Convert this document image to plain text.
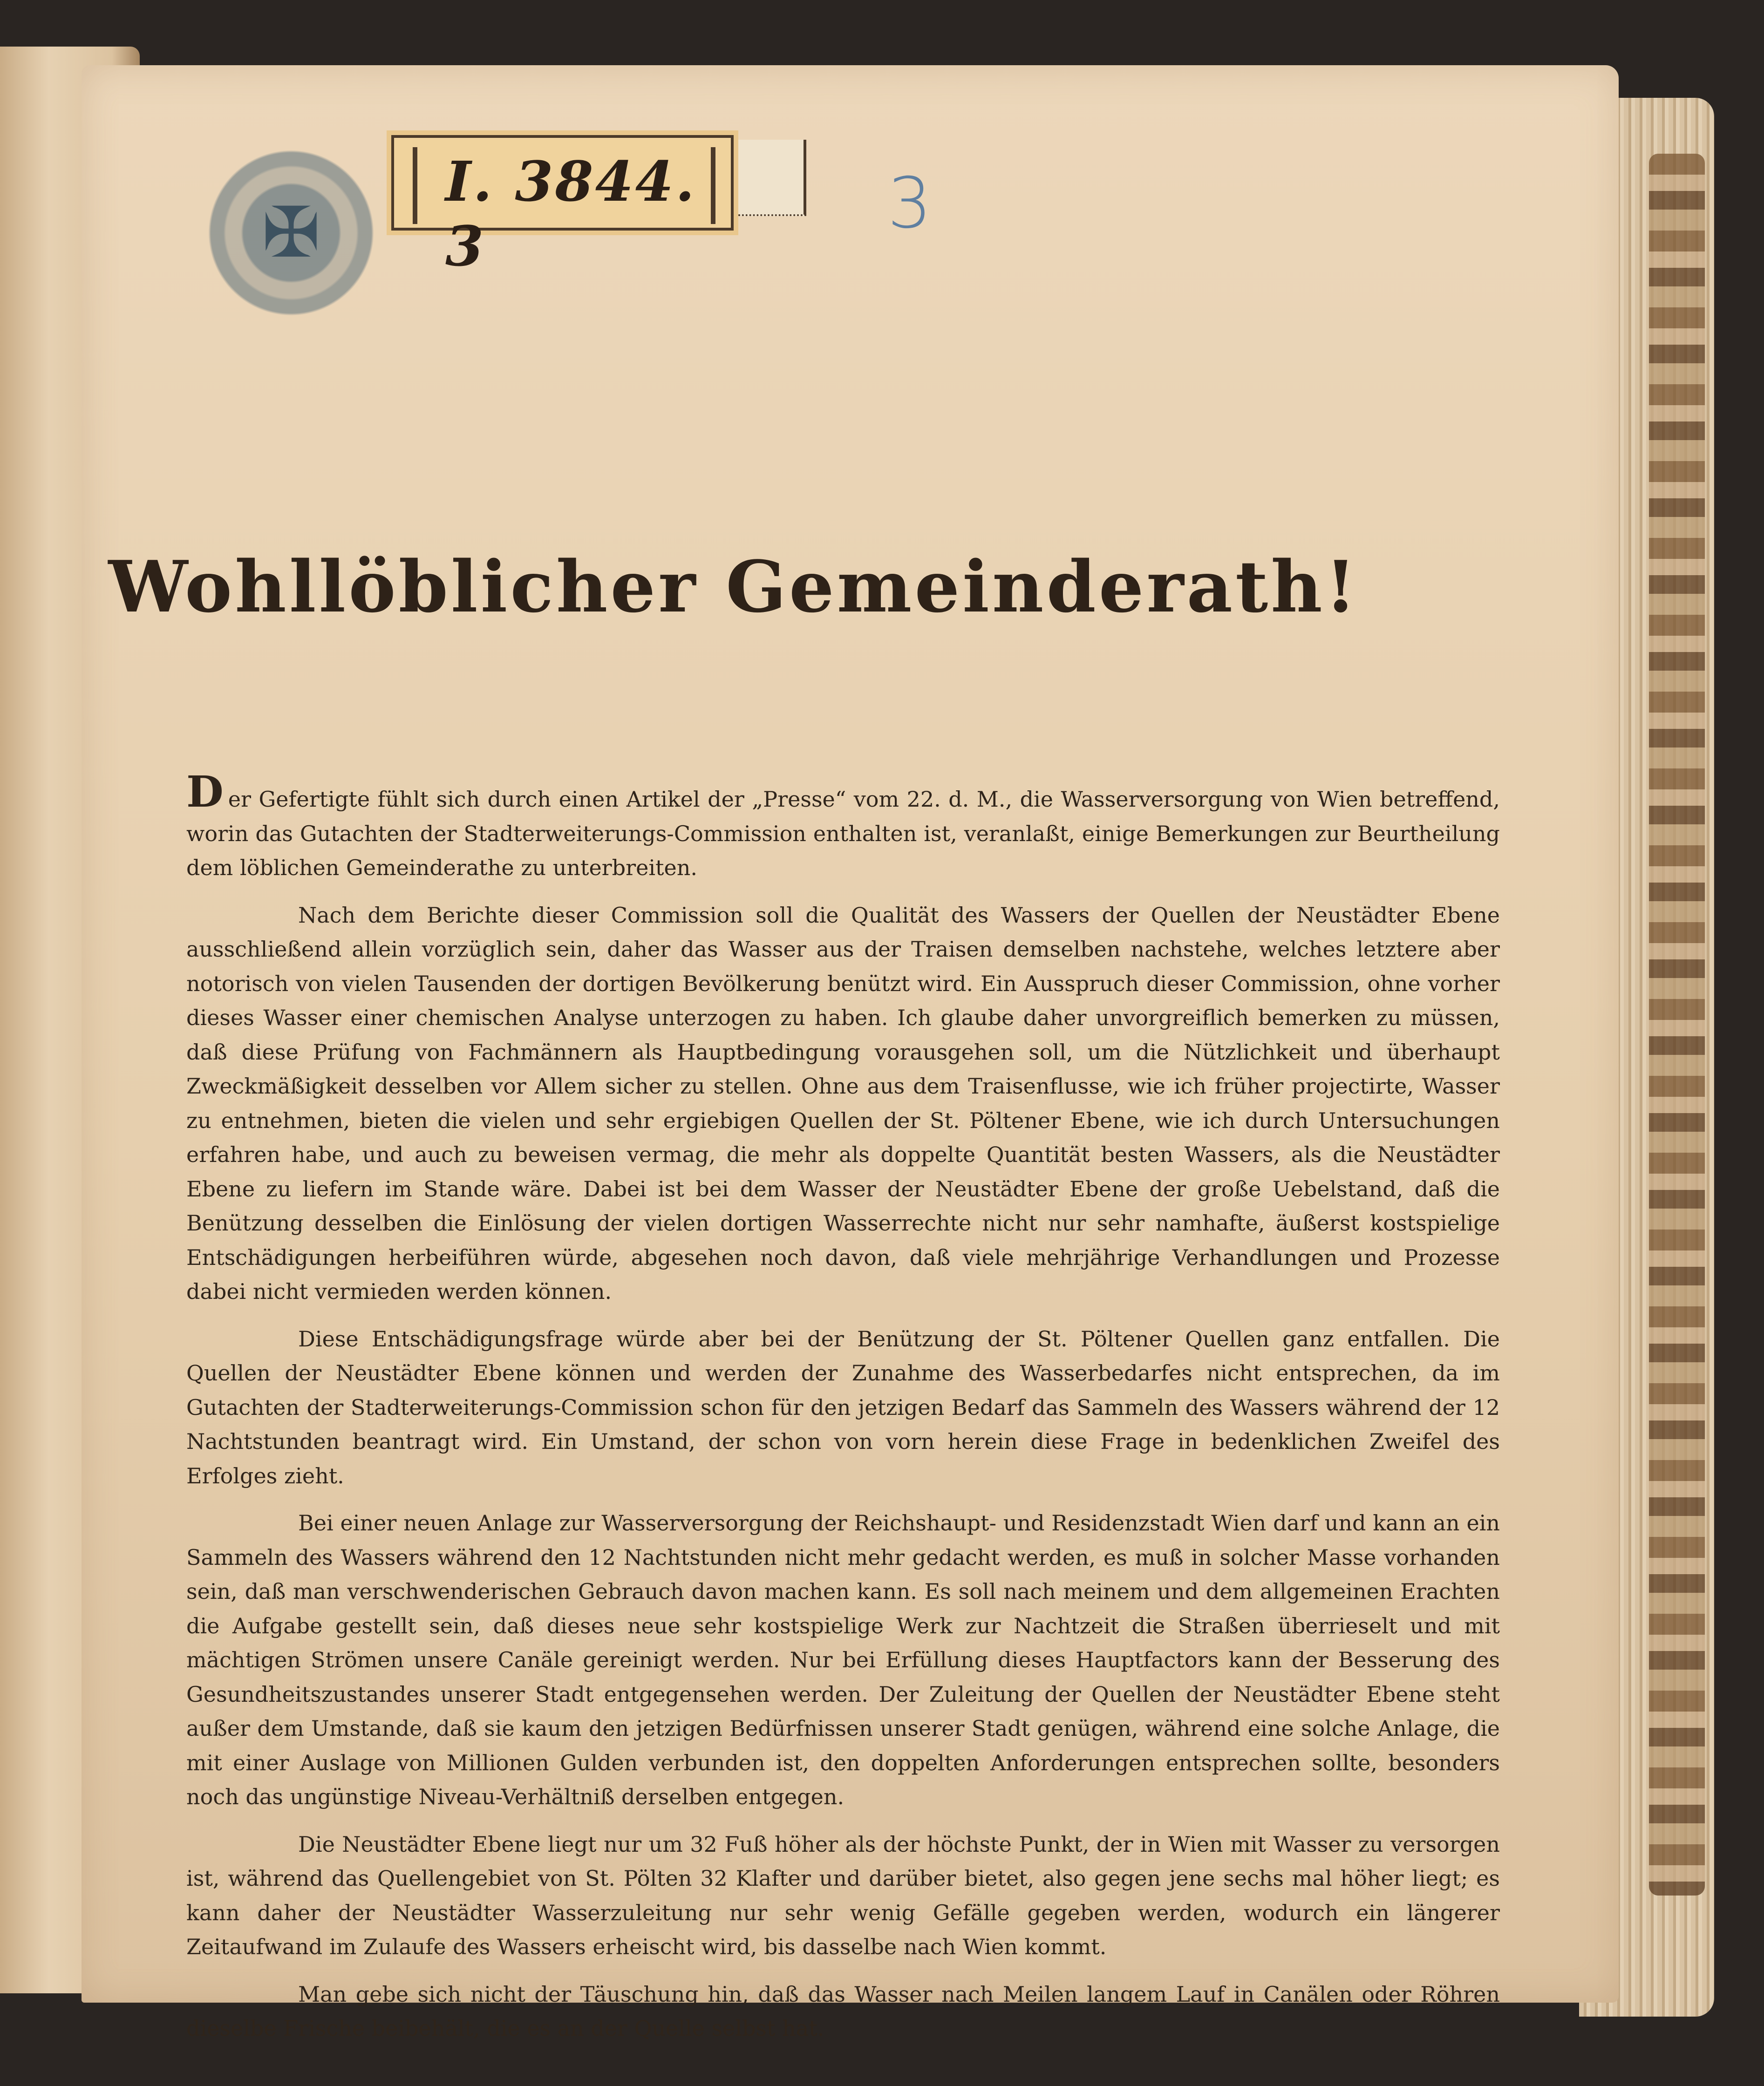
✠
I. 3844. 3
3
Wohllöblicher Gemeinderath!

Der Gefertigte fühlt sich durch einen Artikel der „Presse“ vom 22. d. M., die Wasserversorgung von Wien betreffend, worin das Gutachten der Stadterweiterungs-Commission enthalten ist, veranlaßt, einige Bemerkungen zur Beurtheilung dem löblichen Gemeinderathe zu unterbreiten.

Nach dem Berichte dieser Commission soll die Qualität des Wassers der Quellen der Neustädter Ebene ausschließend allein vorzüglich sein, daher das Wasser aus der Traisen demselben nachstehe, welches letztere aber notorisch von vielen Tausenden der dortigen Bevölkerung benützt wird. Ein Ausspruch dieser Commission, ohne vorher dieses Wasser einer chemischen Analyse unterzogen zu haben. Ich glaube daher unvorgreiflich bemerken zu müssen, daß diese Prüfung von Fachmännern als Hauptbedingung vorausgehen soll, um die Nützlichkeit und überhaupt Zweckmäßigkeit desselben vor Allem sicher zu stellen. Ohne aus dem Traisenflusse, wie ich früher projectirte, Wasser zu entnehmen, bieten die vielen und sehr ergiebigen Quellen der St. Pöltener Ebene, wie ich durch Untersuchungen erfahren habe, und auch zu beweisen vermag, die mehr als doppelte Quantität besten Wassers, als die Neustädter Ebene zu liefern im Stande wäre. Dabei ist bei dem Wasser der Neustädter Ebene der große Uebelstand, daß die Benützung desselben die Einlösung der vielen dortigen Wasserrechte nicht nur sehr namhafte, äußerst kostspielige Entschädigungen herbeiführen würde, abgesehen noch davon, daß viele mehrjährige Verhandlungen und Prozesse dabei nicht vermieden werden können.

Diese Entschädigungsfrage würde aber bei der Benützung der St. Pöltener Quellen ganz entfallen. Die Quellen der Neustädter Ebene können und werden der Zunahme des Wasserbedarfes nicht entsprechen, da im Gutachten der Stadterweiterungs-Commission schon für den jetzigen Bedarf das Sammeln des Wassers während der 12 Nachtstunden beantragt wird. Ein Umstand, der schon von vorn herein diese Frage in bedenklichen Zweifel des Erfolges zieht.

Bei einer neuen Anlage zur Wasserversorgung der Reichshaupt- und Residenzstadt Wien darf und kann an ein Sammeln des Wassers während den 12 Nachtstunden nicht mehr gedacht werden, es muß in solcher Masse vorhanden sein, daß man verschwenderischen Gebrauch davon machen kann. Es soll nach meinem und dem allgemeinen Erachten die Aufgabe gestellt sein, daß dieses neue sehr kostspielige Werk zur Nachtzeit die Straßen überrieselt und mit mächtigen Strömen unsere Canäle gereinigt werden. Nur bei Erfüllung dieses Hauptfactors kann der Besserung des Gesundheitszustandes unserer Stadt entgegensehen werden. Der Zuleitung der Quellen der Neustädter Ebene steht außer dem Umstande, daß sie kaum den jetzigen Bedürfnissen unserer Stadt genügen, während eine solche Anlage, die mit einer Auslage von Millionen Gulden verbunden ist, den doppelten Anforderungen entsprechen sollte, besonders noch das ungünstige Niveau-Verhältniß derselben entgegen.

Die Neustädter Ebene liegt nur um 32 Fuß höher als der höchste Punkt, der in Wien mit Wasser zu versorgen ist, während das Quellengebiet von St. Pölten 32 Klafter und darüber bietet, also gegen jene sechs mal höher liegt; es kann daher der Neustädter Wasserzuleitung nur sehr wenig Gefälle gegeben werden, wodurch ein längerer Zeitaufwand im Zulaufe des Wassers erheischt wird, bis dasselbe nach Wien kommt.

Man gebe sich nicht der Täuschung hin, daß das Wasser nach Meilen langem Lauf in Canälen oder Röhren dieselbe Frische beibehält, die es an der Quelle selbst hat.
